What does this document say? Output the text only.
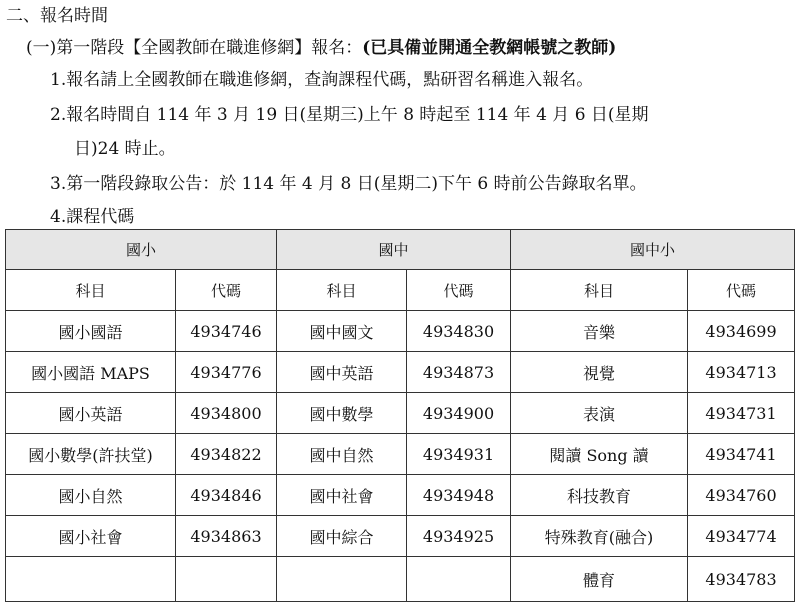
二、報名時間
(一)第一階段【全國教師在職進修網】報名：(已具備並開通全教網帳號之教師)
1.報名請上全國教師在職進修網，查詢課程代碼，點研習名稱進入報名。
2.報名時間自 114 年 3 月 19 日(星期三)上午 8 時起至 114 年 4 月 6 日(星期
日)24 時止。
3.第一階段錄取公告：於 114 年 4 月 8 日(星期二)下午 6 時前公告錄取名單。
4.課程代碼
國小		國中		國中小	
科目	代碼	科目	代碼	科目	代碼
國小國語	4934746	國中國文	4934830	音樂	4934699
國小國語 MAPS	4934776	國中英語	4934873	視覺	4934713
國小英語	4934800	國中數學	4934900	表演	4934731
國小數學(許扶堂)	4934822	國中自然	4934931	閱讀 Song 讀	4934741
國小自然	4934846	國中社會	4934948	科技教育	4934760
國小社會	4934863	國中綜合	4934925	特殊教育(融合)	4934774
				體育	4934783
